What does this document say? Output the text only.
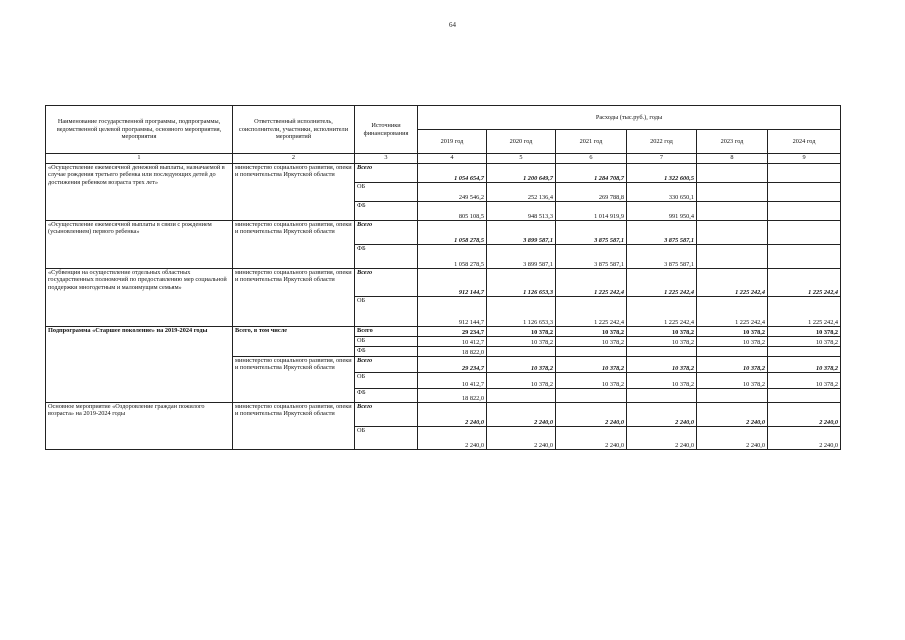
64
Наименование государственной программы, подпрограммы, ведомственной целевой программы, основного мероприятия, мероприятия	Ответственный исполнитель, соисполнители, участники, исполнители мероприятий	Источники финансирования	Расходы (тыс.руб.), годы					
			2019 год	2020 год	2021 год	2022 год	2023 год	2024 год
1	2	3	4	5	6	7	8	9
«Осуществление ежемесячной денежной выплаты, назначаемой в случае рождения третьего ребенка или последующих детей до достижения ребенком возраста трех лет»	министерство социального развития, опеки и попечительства Иркутской области	Всего	1 054 654,7	1 200 649,7	1 284 708,7	1 322 600,5		
		ОБ	249 546,2	252 136,4	269 788,8	330 650,1		
		ФБ	805 108,5	948 513,3	1 014 919,9	991 950,4		
«Осуществление ежемесячной выплаты в связи с рождением (усыновлением) первого ребенка»	министерство социального развития, опеки и попечительства Иркутской области	Всего	1 058 278,5	3 899 587,1	3 875 587,1	3 875 587,1		
		ФБ	1 058 278,5	3 899 587,1	3 875 587,1	3 875 587,1		
«Субвенция на осуществление отдельных областных государственных полномочий по предоставлению мер социальной поддержки многодетным и малоимущим семьям»	министерство социального развития, опеки и попечительства Иркутской области	Всего	912 144,7	1 126 653,3	1 225 242,4	1 225 242,4	1 225 242,4	1 225 242,4
		ОБ	912 144,7	1 126 653,3	1 225 242,4	1 225 242,4	1 225 242,4	1 225 242,4
Подпрограмма «Старшее поколение» на 2019-2024 годы	Всего, в том числе	Всего	29 234,7	10 378,2	10 378,2	10 378,2	10 378,2	10 378,2
		ОБ	10 412,7	10 378,2	10 378,2	10 378,2	10 378,2	10 378,2
		ФБ	18 822,0					
	министерство социального развития, опеки и попечительства Иркутской области	Всего	29 234,7	10 378,2	10 378,2	10 378,2	10 378,2	10 378,2
		ОБ	10 412,7	10 378,2	10 378,2	10 378,2	10 378,2	10 378,2
		ФБ	18 822,0					
Основное мероприятие «Оздоровление граждан пожилого возраста» на 2019-2024 годы	министерство социального развития, опеки и попечительства Иркутской области	Всего	2 240,0	2 240,0	2 240,0	2 240,0	2 240,0	2 240,0
		ОБ	2 240,0	2 240,0	2 240,0	2 240,0	2 240,0	2 240,0
